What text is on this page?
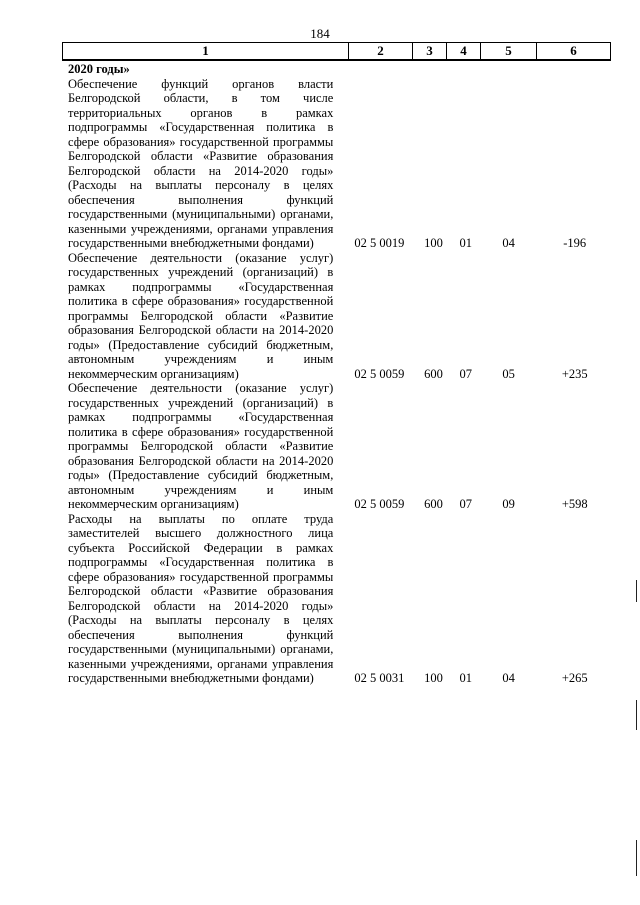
184
1	2	3	4	5	6
2020 годы»
Обеспечение функций органов власти Белгородской области, в том числе территориальных органов в рамках подпрограммы «Государственная политика в сфере образования» государственной программы Белгородской области «Развитие образования Белгородской области на 2014-2020 годы» (Расходы на выплаты персоналу в целях обеспечения выполнения функций государственными (муниципальными) органами, казенными учреждениями, органами управления государственными внебюджетными фондами)	02 5 0019	100	01	04	-196
Обеспечение деятельности (оказание услуг) государственных учреждений (организаций) в рамках подпрограммы «Государственная политика в сфере образования» государственной программы Белгородской области «Развитие образования Белгородской области на 2014-2020 годы» (Предоставление субсидий бюджетным, автономным учреждениям и иным некоммерческим организациям)	02 5 0059	600	07	05	+235
Обеспечение деятельности (оказание услуг) государственных учреждений (организаций) в рамках подпрограммы «Государственная политика в сфере образования» государственной программы Белгородской области «Развитие образования Белгородской области на 2014-2020 годы» (Предоставление субсидий бюджетным, автономным учреждениям и иным некоммерческим организациям)	02 5 0059	600	07	09	+598
Расходы на выплаты по оплате труда заместителей высшего должностного лица субъекта Российской Федерации в рамках подпрограммы «Государственная политика в сфере образования» государственной программы Белгородской области «Развитие образования Белгородской области на 2014-2020 годы» (Расходы на выплаты персоналу в целях обеспечения выполнения функций государственными (муниципальными) органами, казенными учреждениями, органами управления государственными внебюджетными фондами)	02 5 0031	100	01	04	+265
